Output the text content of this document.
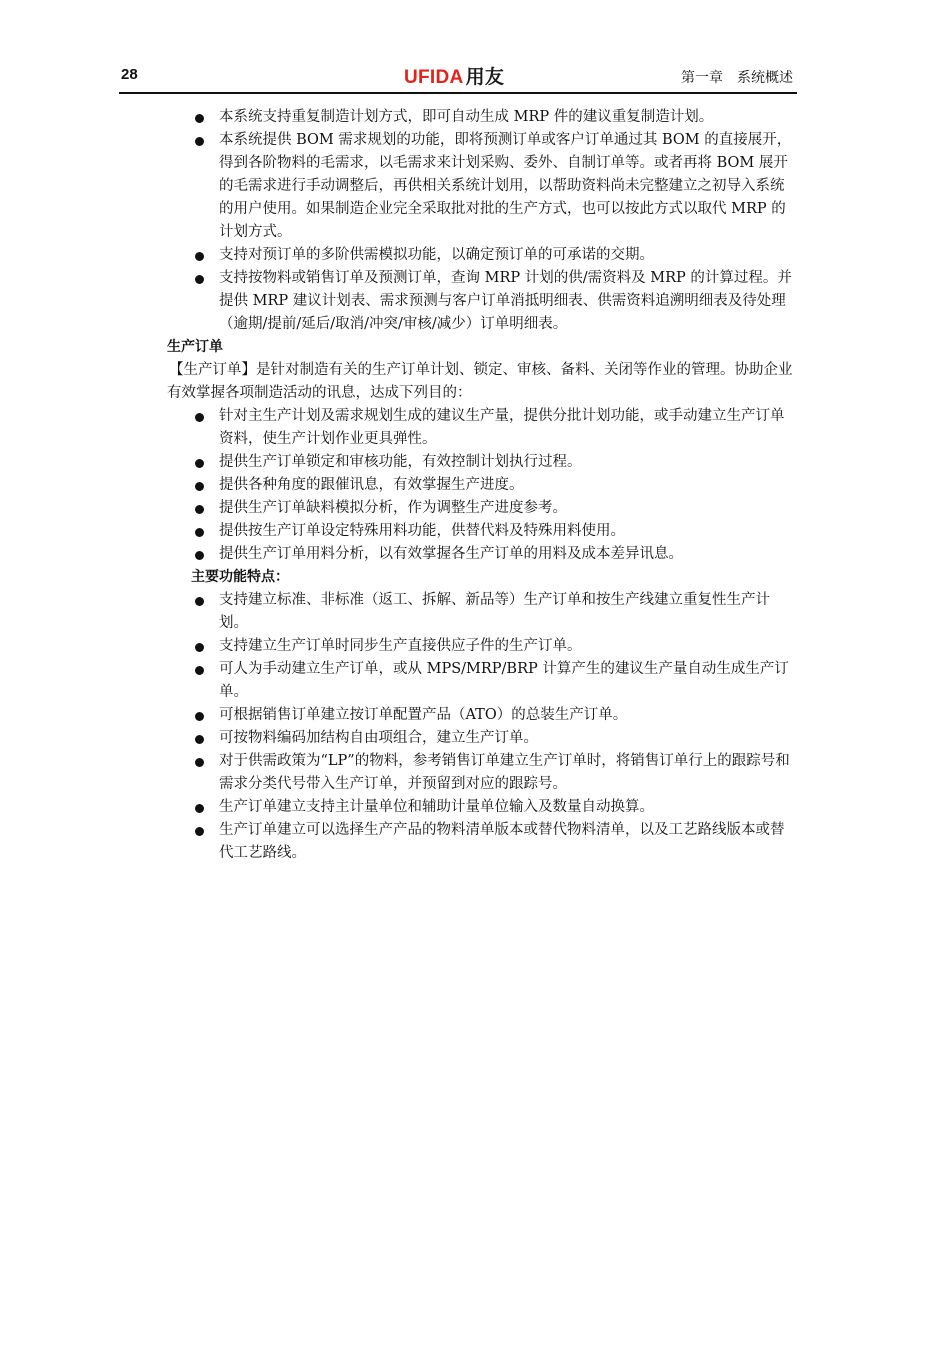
28	UFIDA 用友	第一章　系统概述
本系统支持重复制造计划方式，即可自动生成 MRP 件的建议重复制造计划。
本系统提供 BOM 需求规划的功能，即将预测订单或客户订单通过其 BOM 的直接展开，得到各阶物料的毛需求，以毛需求来计划采购、委外、自制订单等。或者再将 BOM 展开的毛需求进行手动调整后，再供相关系统计划用，以帮助资料尚未完整建立之初导入系统的用户使用。如果制造企业完全采取批对批的生产方式，也可以按此方式以取代 MRP 的计划方式。
支持对预订单的多阶供需模拟功能，以确定预订单的可承诺的交期。
支持按物料或销售订单及预测订单，查询 MRP 计划的供/需资料及 MRP 的计算过程。并提供 MRP 建议计划表、需求预测与客户订单消抵明细表、供需资料追溯明细表及待处理（逾期/提前/延后/取消/冲突/审核/减少）订单明细表。

生产订单

【生产订单】是针对制造有关的生产订单计划、锁定、审核、备料、关闭等作业的管理。协助企业有效掌握各项制造活动的讯息，达成下列目的：

针对主生产计划及需求规划生成的建议生产量，提供分批计划功能，或手动建立生产订单资料，使生产计划作业更具弹性。
提供生产订单锁定和审核功能，有效控制计划执行过程。
提供各种角度的跟催讯息，有效掌握生产进度。
提供生产订单缺料模拟分析，作为调整生产进度参考。
提供按生产订单设定特殊用料功能，供替代料及特殊用料使用。
提供生产订单用料分析，以有效掌握各生产订单的用料及成本差异讯息。

主要功能特点：

支持建立标准、非标准（返工、拆解、新品等）生产订单和按生产线建立重复性生产计划。
支持建立生产订单时同步生产直接供应子件的生产订单。
可人为手动建立生产订单，或从 MPS/MRP/BRP 计算产生的建议生产量自动生成生产订单。
可根据销售订单建立按订单配置产品（ATO）的总装生产订单。
可按物料编码加结构自由项组合，建立生产订单。
对于供需政策为“LP”的物料，参考销售订单建立生产订单时，将销售订单行上的跟踪号和需求分类代号带入生产订单，并预留到对应的跟踪号。
生产订单建立支持主计量单位和辅助计量单位输入及数量自动换算。
生产订单建立可以选择生产产品的物料清单版本或替代物料清单，以及工艺路线版本或替代工艺路线。
